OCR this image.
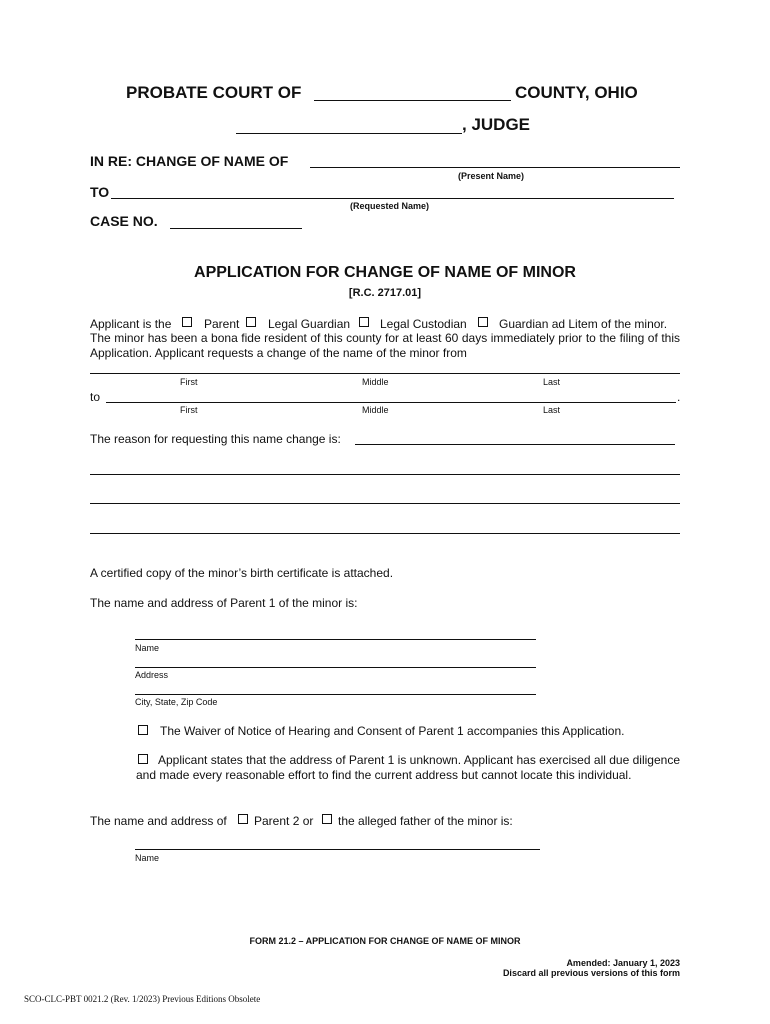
PROBATE COURT OF	COUNTY, OHIO
, JUDGE
IN RE: CHANGE OF NAME OF
(Present Name)
TO
(Requested Name)
CASE NO.
APPLICATION FOR CHANGE OF NAME OF MINOR
[R.C. 2717.01]
Applicant is the	Parent Legal Guardian Legal Custodian	Guardian ad Litem of the minor.
The minor has been a bona fide resident of this county for at least 60 days immediately prior to the filing of this Application. Applicant requests a change of the name of the minor from
First	Middle	Last
to	.
First	Middle	Last
The reason for requesting this name change is:
A certified copy of the minor’s birth certificate is attached.
The name and address of Parent 1 of the minor is:
Name
Address
City, State, Zip Code
The Waiver of Notice of Hearing and Consent of Parent 1 accompanies this Application.
Applicant states that the address of Parent 1 is unknown. Applicant has exercised all due diligence and made every reasonable effort to find the current address but cannot locate this individual.
The name and address of Parent 2 or the alleged father of the minor is:
Name
FORM 21.2 – APPLICATION FOR CHANGE OF NAME OF MINOR
Amended: January 1, 2023
Discard all previous versions of this form
SCO-CLC-PBT 0021.2 (Rev. 1/2023) Previous Editions Obsolete
